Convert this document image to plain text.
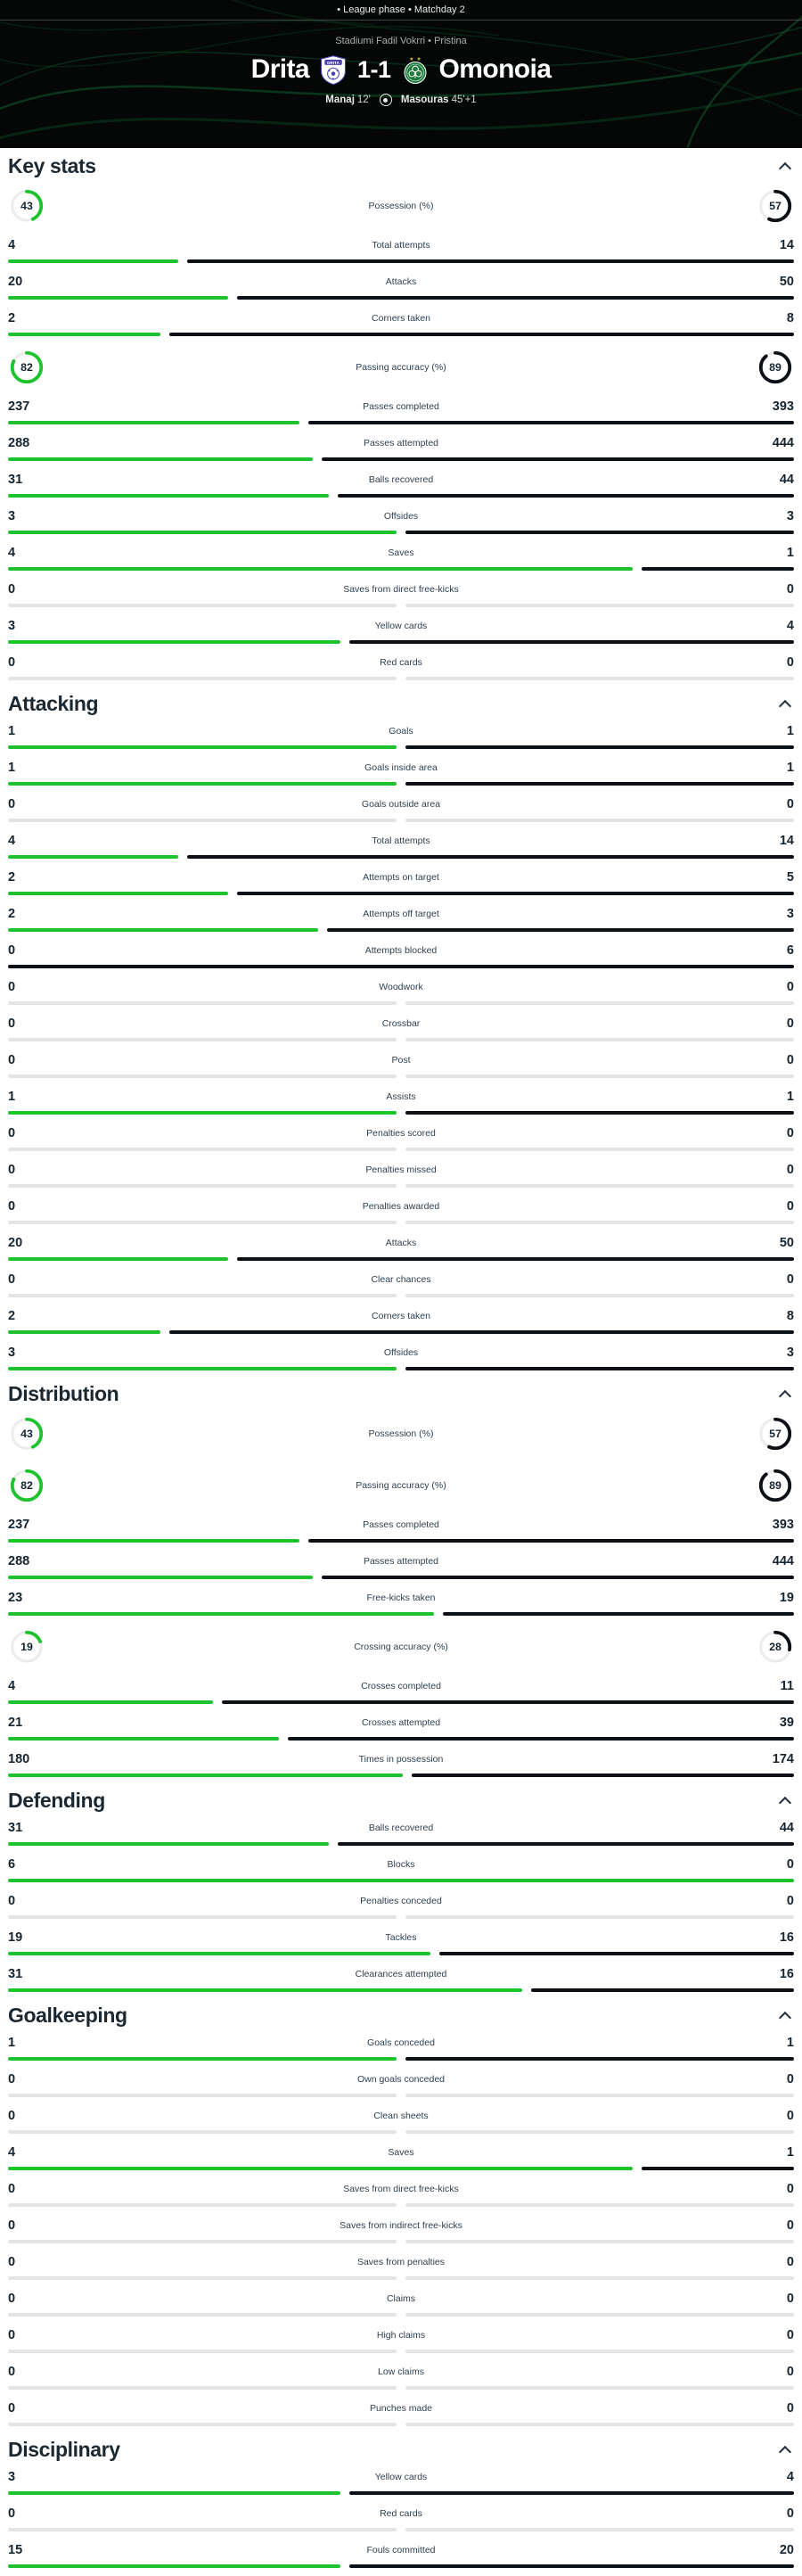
• League phase • Matchday 2
Stadiumi Fadil Vokrri • Pristina
Drita	DRITA 1-1	★ ★ Omonoia
Manaj 12'	Masouras 45'+1
Key stats
43	Possession (%)	57
4	Total attempts	14
20	Attacks	50
2	Corners taken	8
82	Passing accuracy (%)	89
237	Passes completed	393
288	Passes attempted	444
31	Balls recovered	44
3	Offsides	3
4	Saves	1
0	Saves from direct free-kicks	0
3	Yellow cards	4
0	Red cards	0
Attacking
1	Goals	1
1	Goals inside area	1
0	Goals outside area	0
4	Total attempts	14
2	Attempts on target	5
2	Attempts off target	3
0	Attempts blocked	6
0	Woodwork	0
0	Crossbar	0
0	Post	0
1	Assists	1
0	Penalties scored	0
0	Penalties missed	0
0	Penalties awarded	0
20	Attacks	50
0	Clear chances	0
2	Corners taken	8
3	Offsides	3
Distribution
43	Possession (%)	57
82	Passing accuracy (%)	89
237	Passes completed	393
288	Passes attempted	444
23	Free-kicks taken	19
19	Crossing accuracy (%)	28
4	Crosses completed	11
21	Crosses attempted	39
180	Times in possession	174
Defending
31	Balls recovered	44
6	Blocks	0
0	Penalties conceded	0
19	Tackles	16
31	Clearances attempted	16
Goalkeeping
1	Goals conceded	1
0	Own goals conceded	0
0	Clean sheets	0
4	Saves	1
0	Saves from direct free-kicks	0
0	Saves from indirect free-kicks	0
0	Saves from penalties	0
0	Claims	0
0	High claims	0
0	Low claims	0
0	Punches made	0
Disciplinary
3	Yellow cards	4
0	Red cards	0
15	Fouls committed	20
